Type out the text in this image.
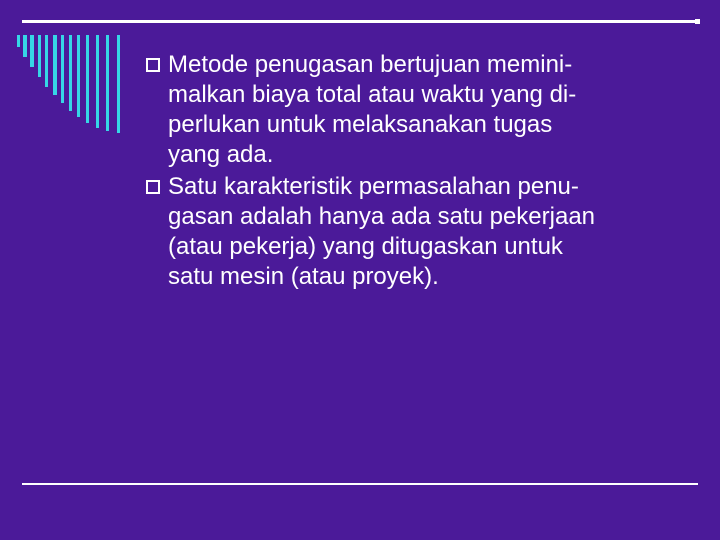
Metode penugasan bertujuan memini-
malkan biaya total atau waktu yang di-
perlukan untuk melaksanakan tugas
yang ada.
Satu karakteristik permasalahan penu-
gasan adalah hanya ada satu pekerjaan
(atau pekerja) yang ditugaskan untuk
satu mesin (atau proyek).
